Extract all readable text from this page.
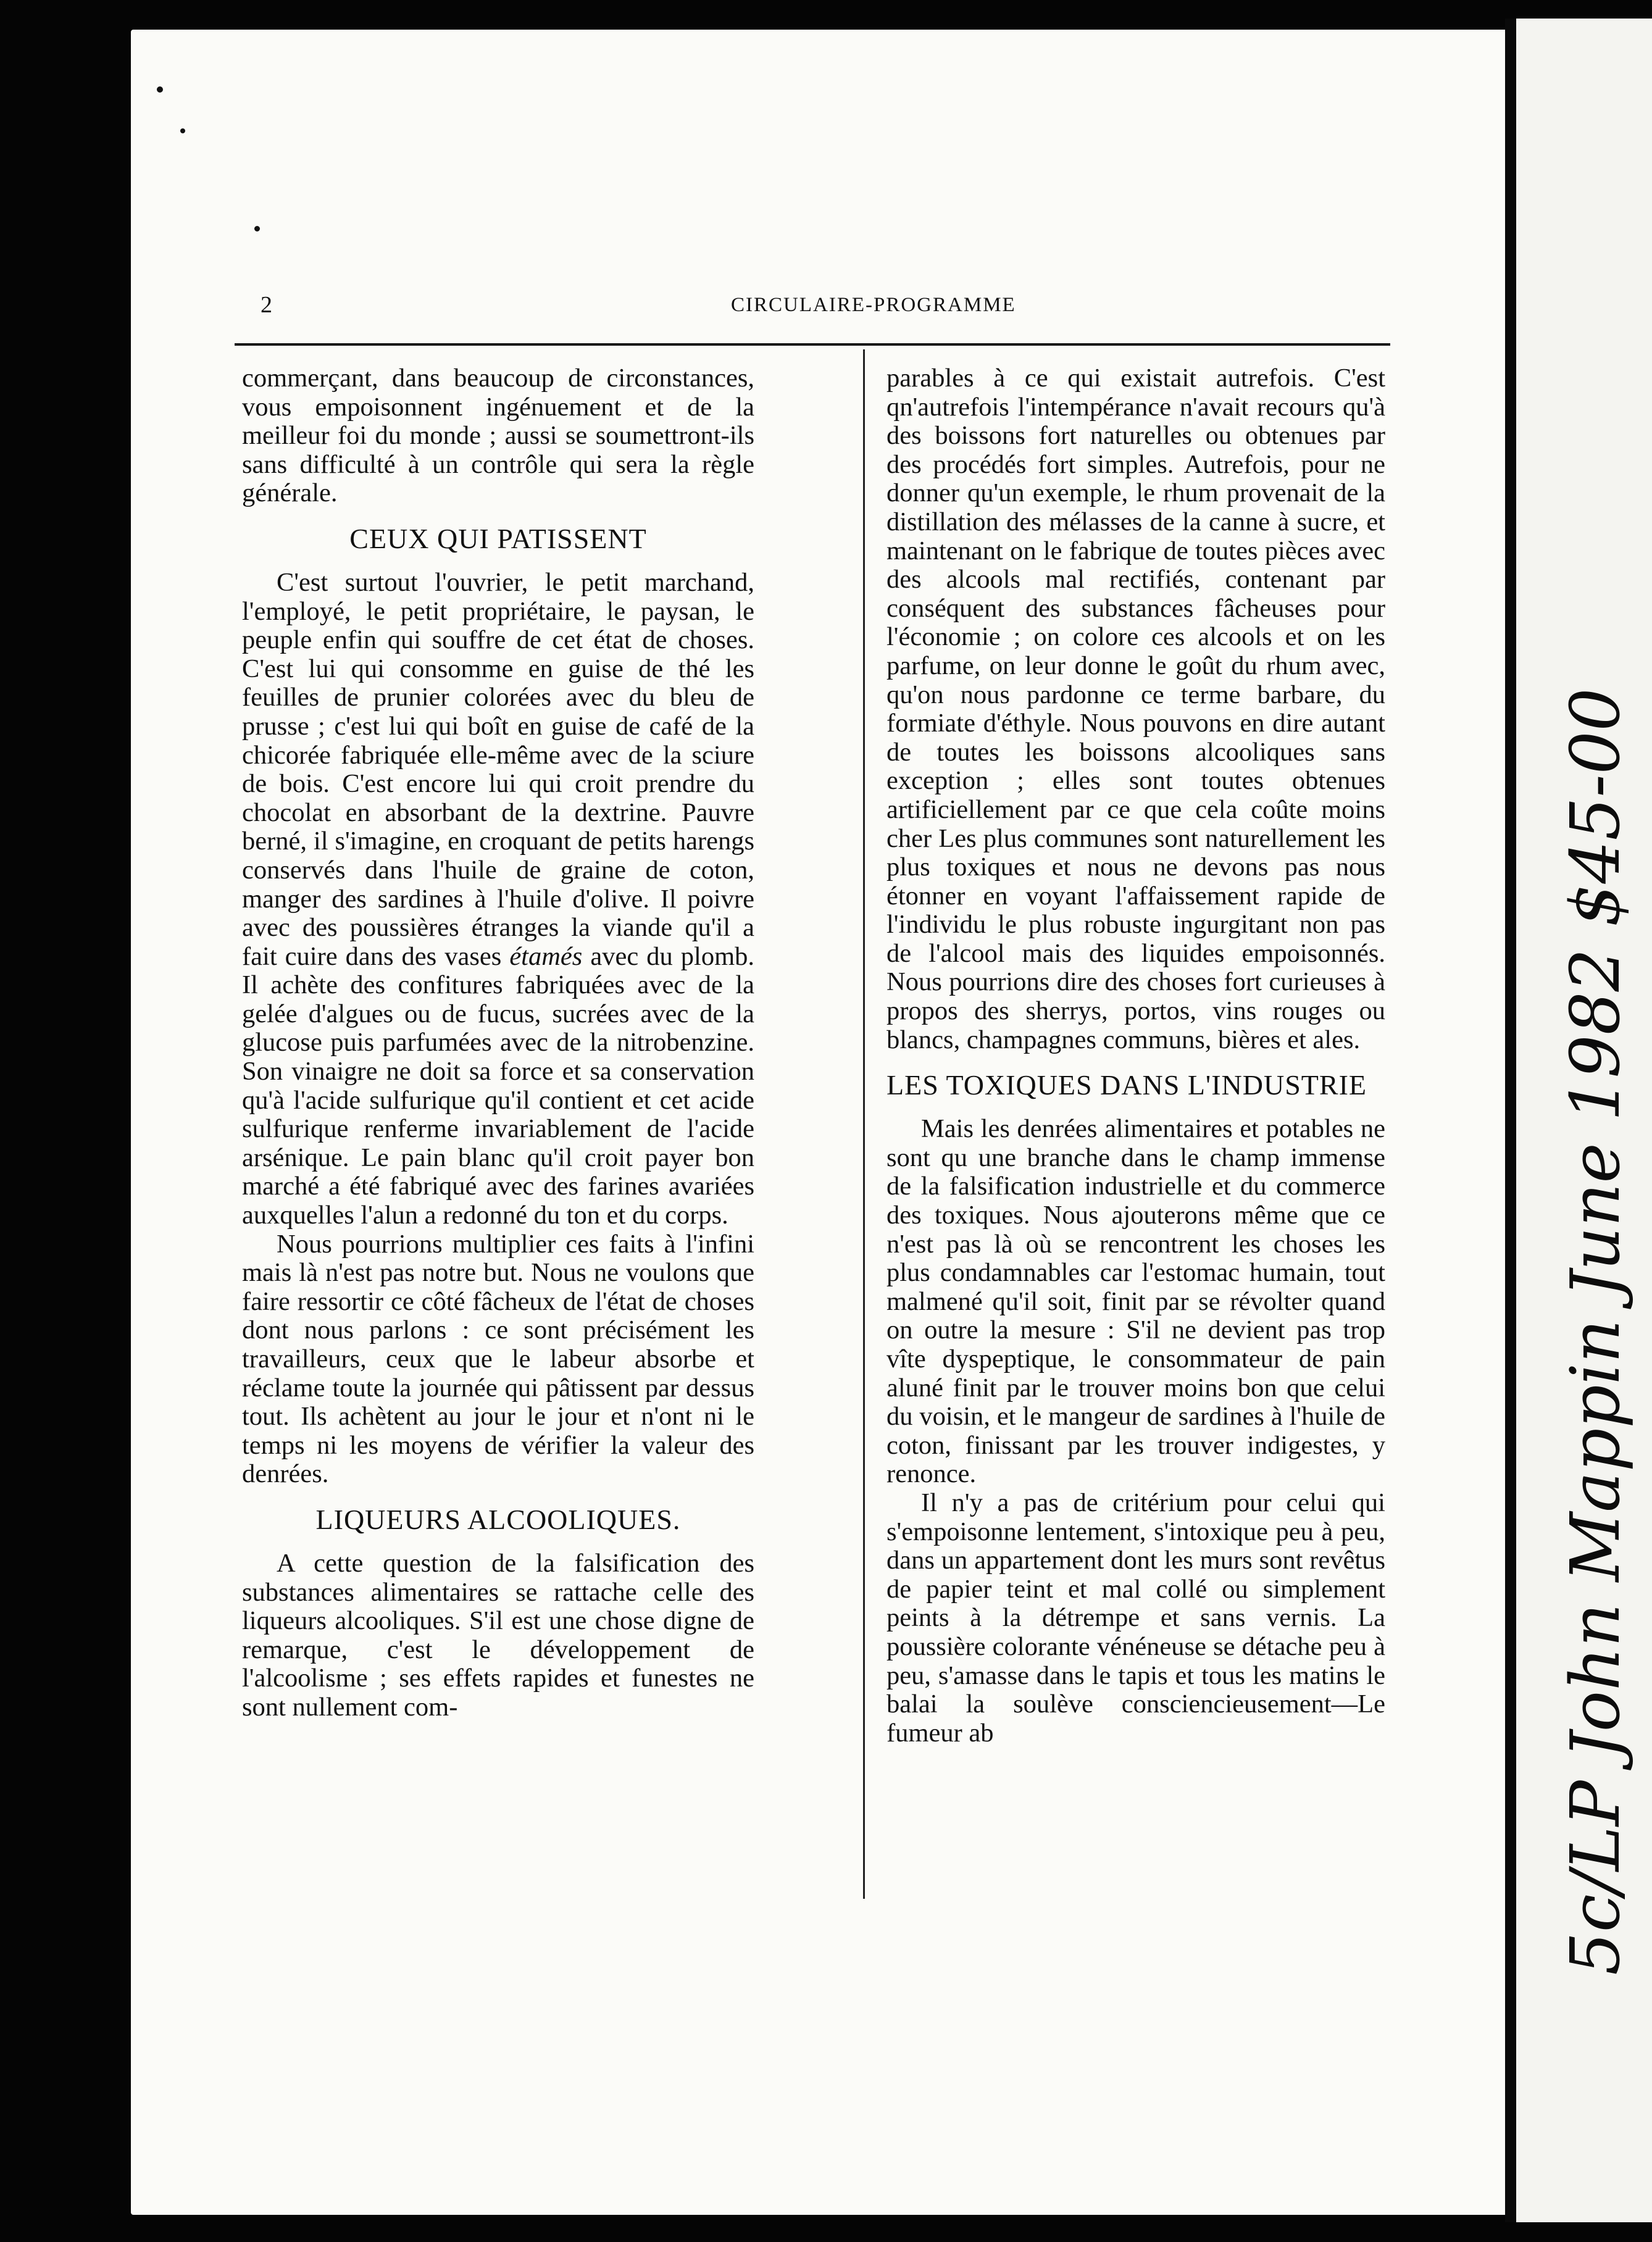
2	CIRCULAIRE-PROGRAMME

commerçant, dans beaucoup de circonstances, vous empoisonnent ingénuement et de la meilleur foi du monde ; aussi se soumettront-ils sans difficulté à un contrôle qui sera la règle générale.

CEUX QUI PATISSENT

C'est surtout l'ouvrier, le petit marchand, l'employé, le petit propriétaire, le paysan, le peuple enfin qui souffre de cet état de choses. C'est lui qui consomme en guise de thé les feuilles de prunier colorées avec du bleu de prusse ; c'est lui qui boît en guise de café de la chicorée fabriquée elle-même avec de la sciure de bois. C'est encore lui qui croit prendre du chocolat en absorbant de la dextrine. Pauvre berné, il s'imagine, en croquant de petits harengs conservés dans l'huile de graine de coton, manger des sardines à l'huile d'olive. Il poivre avec des poussières étranges la viande qu'il a fait cuire dans des vases étamés avec du plomb. Il achète des confitures fabriquées avec de la gelée d'algues ou de fucus, sucrées avec de la glucose puis parfumées avec de la nitrobenzine. Son vinaigre ne doit sa force et sa conservation qu'à l'acide sulfurique qu'il contient et cet acide sulfurique renferme invariablement de l'acide arsénique. Le pain blanc qu'il croit payer bon marché a été fabriqué avec des farines avariées auxquelles l'alun a redonné du ton et du corps.

Nous pourrions multiplier ces faits à l'infini mais là n'est pas notre but. Nous ne voulons que faire ressortir ce côté fâcheux de l'état de choses dont nous parlons : ce sont précisément les travailleurs, ceux que le labeur absorbe et réclame toute la journée qui pâtissent par dessus tout. Ils achètent au jour le jour et n'ont ni le temps ni les moyens de vérifier la valeur des denrées.

LIQUEURS ALCOOLIQUES.

A cette question de la falsification des substances alimentaires se rattache celle des liqueurs alcooliques. S'il est une chose digne de remarque, c'est le développement de l'alcoolisme ; ses effets rapides et funestes ne sont nullement com-

parables à ce qui existait autrefois. C'est qn'autrefois l'intempérance n'avait recours qu'à des boissons fort naturelles ou obtenues par des procédés fort simples. Autrefois, pour ne donner qu'un exemple, le rhum provenait de la distillation des mélasses de la canne à sucre, et maintenant on le fabrique de toutes pièces avec des alcools mal rectifiés, contenant par conséquent des substances fâcheuses pour l'économie ; on colore ces alcools et on les parfume, on leur donne le goût du rhum avec, qu'on nous pardonne ce terme barbare, du formiate d'éthyle. Nous pouvons en dire autant de toutes les boissons alcooliques sans exception ; elles sont toutes obtenues artificiellement par ce que cela coûte moins cher Les plus communes sont naturellement les plus toxiques et nous ne devons pas nous étonner en voyant l'affaissement rapide de l'individu le plus robuste ingurgitant non pas de l'alcool mais des liquides empoisonnés. Nous pourrions dire des choses fort curieuses à propos des sherrys, portos, vins rouges ou blancs, champagnes communs, bières et ales.

LES TOXIQUES DANS L'INDUSTRIE

Mais les denrées alimentaires et potables ne sont qu une branche dans le champ immense de la falsification industrielle et du commerce des toxiques. Nous ajouterons même que ce n'est pas là où se rencontrent les choses les plus condamnables car l'estomac humain, tout malmené qu'il soit, finit par se révolter quand on outre la mesure : S'il ne devient pas trop vîte dyspeptique, le consommateur de pain aluné finit par le trouver moins bon que celui du voisin, et le mangeur de sardines à l'huile de coton, finissant par les trouver indigestes, y renonce.

Il n'y a pas de critérium pour celui qui s'empoisonne lentement, s'intoxique peu à peu, dans un appartement dont les murs sont revêtus de papier teint et mal collé ou simplement peints à la détrempe et sans vernis. La poussière colorante vénéneuse se détache peu à peu, s'amasse dans le tapis et tous les matins le balai la soulève consciencieusement—Le fumeur ab	5c/LP John Mappin June 1982 $45-00
